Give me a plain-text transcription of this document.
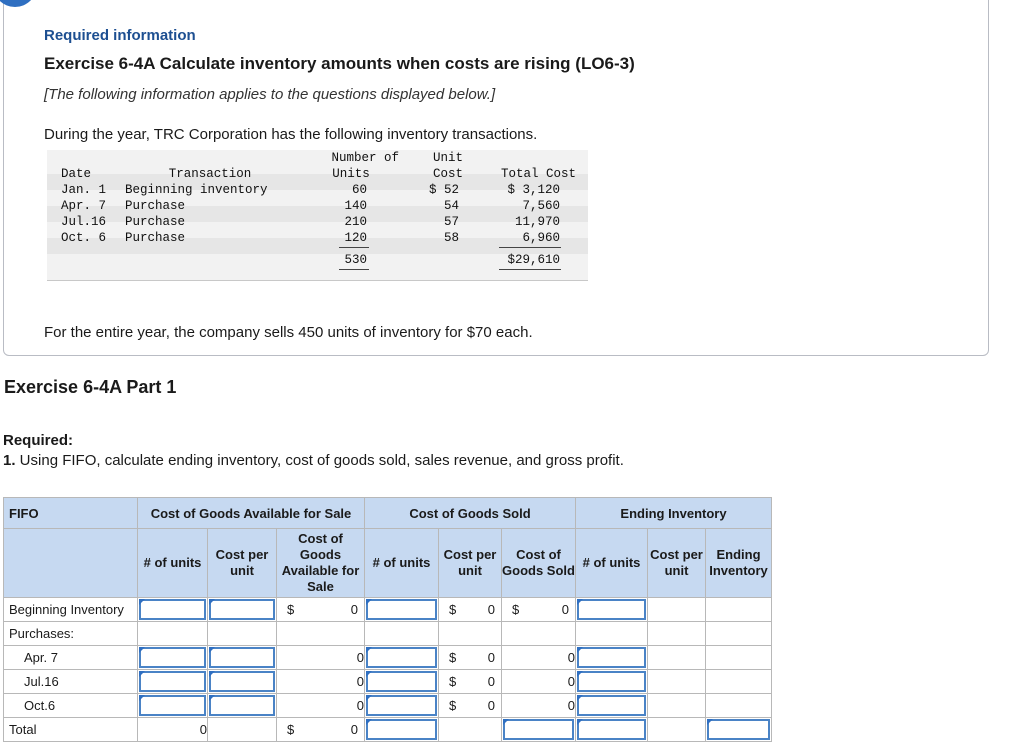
Required information

Exercise 6-4A Calculate inventory amounts when costs are rising (LO6-3)

[The following information applies to the questions displayed below.]

During the year, TRC Corporation has the following inventory transactions.

Number of	Unit
Date	Transaction	Units	Cost	Total Cost
Jan. 1 Beginning inventory	60	$ 52	$ 3,120
Apr. 7 Purchase	140	54	7,560
Jul.16 Purchase	210	57	11,970
Oct. 6 Purchase	120	58	6,960
530	$29,610

For the entire year, the company sells 450 units of inventory for $70 each.

Exercise 6-4A Part 1

Required:

1. Using FIFO, calculate ending inventory, cost of goods sold, sales revenue, and gross profit.

FIFO	Cost of Goods Available for Sale			Cost of Goods Sold			Ending Inventory		
	# of units	Cost per unit	Cost of Goods Available for Sale	# of units	Cost per unit	Cost of Goods Sold	# of units	Cost per unit	Ending Inventory
Beginning Inventory			$ 0		$ 0	$ 0			

Purchases:									
Apr. 7			0		$ 0	0	

Jul.16			0		$ 0	0	

Oct.6			0		$ 0	0	

Total	0		$ 0						
